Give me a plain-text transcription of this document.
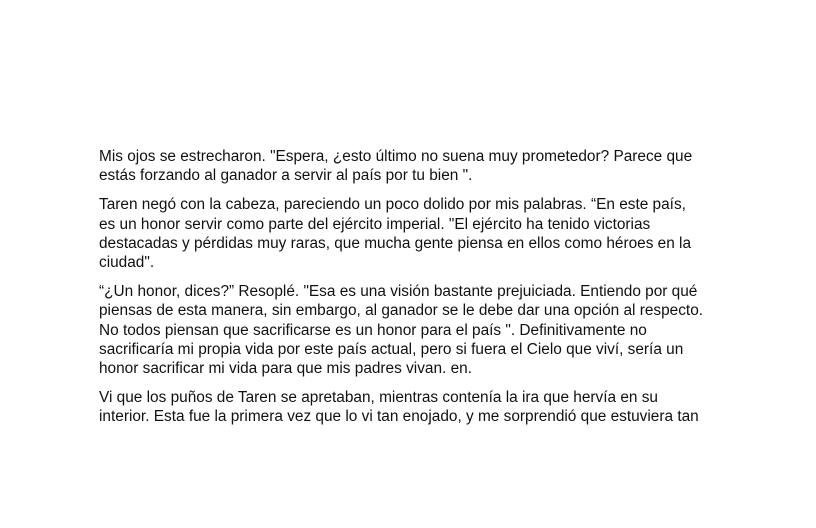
Mis ojos se estrecharon. "Espera, ¿esto último no suena muy prometedor? Parece que
estás forzando al ganador a servir al país por tu bien ".

Taren negó con la cabeza, pareciendo un poco dolido por mis palabras. “En este país,
es un honor servir como parte del ejército imperial. "El ejército ha tenido victorias
destacadas y pérdidas muy raras, que mucha gente piensa en ellos como héroes en la
ciudad".

“¿Un honor, dices?” Resoplé. "Esa es una visión bastante prejuiciada. Entiendo por qué
piensas de esta manera, sin embargo, al ganador se le debe dar una opción al respecto.
No todos piensan que sacrificarse es un honor para el país ". Definitivamente no
sacrificaría mi propia vida por este país actual, pero si fuera el Cielo que viví, sería un
honor sacrificar mi vida para que mis padres vivan. en.

Vi que los puños de Taren se apretaban, mientras contenía la ira que hervía en su
interior. Esta fue la primera vez que lo vi tan enojado, y me sorprendió que estuviera tan
